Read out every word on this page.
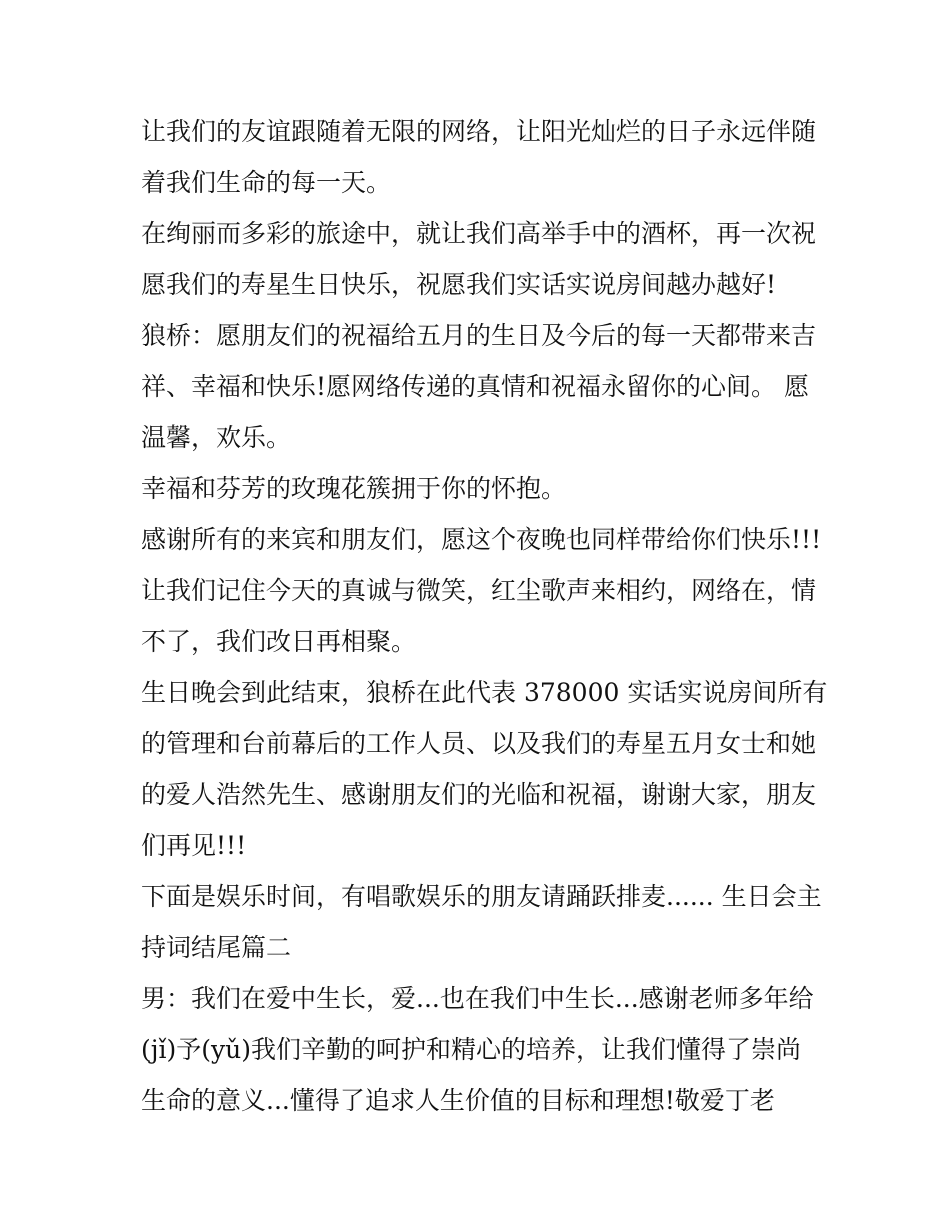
让我们的友谊跟随着无限的网络，让阳光灿烂的日子永远伴随
着我们生命的每一天。
在绚丽而多彩的旅途中，就让我们高举手中的酒杯，再一次祝
愿我们的寿星生日快乐，祝愿我们实话实说房间越办越好!
狼桥：愿朋友们的祝福给五月的生日及今后的每一天都带来吉
祥、幸福和快乐!愿网络传递的真情和祝福永留你的心间。 愿
温馨，欢乐。
幸福和芬芳的玫瑰花簇拥于你的怀抱。
感谢所有的来宾和朋友们，愿这个夜晚也同样带给你们快乐!!!
让我们记住今天的真诚与微笑，红尘歌声来相约，网络在，情
不了，我们改日再相聚。
生日晚会到此结束，狼桥在此代表 378000 实话实说房间所有
的管理和台前幕后的工作人员、以及我们的寿星五月女士和她
的爱人浩然先生、感谢朋友们的光临和祝福，谢谢大家，朋友
们再见!!!
下面是娱乐时间，有唱歌娱乐的朋友请踊跃排麦...... 生日会主
持词结尾篇二
男：我们在爱中生长，爱...也在我们中生长...感谢老师多年给
(jǐ)予(yǔ)我们辛勤的呵护和精心的培养，让我们懂得了崇尚
生命的意义...懂得了追求人生价值的目标和理想!敬爱丁老
